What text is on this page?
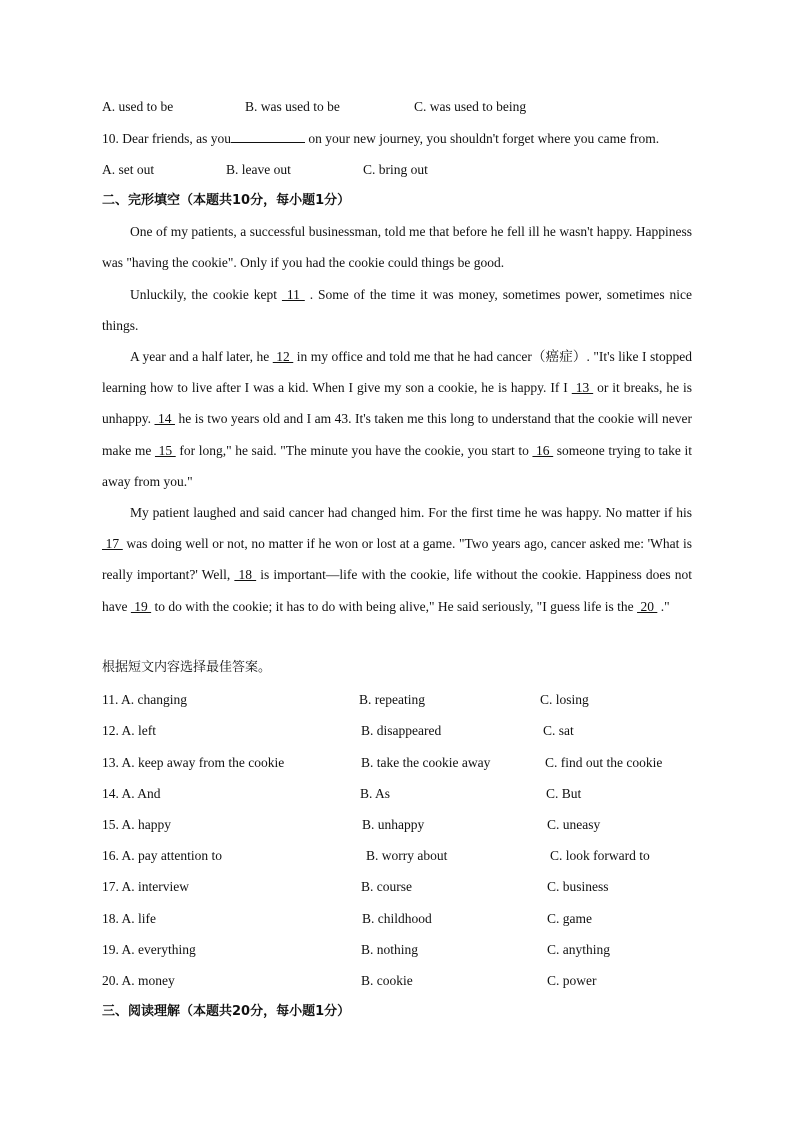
A. used to be	B. was used to be	C. was used to being
10. Dear friends, as you	on your new journey, you shouldn't forget where you came from.
A. set out	B. leave out	C. bring out
二、完形填空（本题共10分，每小题1分）
One of my patients, a successful businessman, told me that before he fell ill he wasn't happy. Happiness was "having the cookie". Only if you had the cookie could things be good.
Unluckily, the cookie kept  11  . Some of the time it was money, sometimes power, sometimes nice things.
A year and a half later, he  12  in my office and told me that he had cancer（癌症）. "It's like I stopped learning how to live after I was a kid. When I give my son a cookie, he is happy. If I  13  or it breaks, he is unhappy.  14  he is two years old and I am 43. It's taken me this long to understand that the cookie will never make me  15  for long," he said. "The minute you have the cookie, you start to  16  someone trying to take it away from you."
My patient laughed and said cancer had changed him. For the first time he was happy. No matter if his  17  was doing well or not, no matter if he won or lost at a game. "Two years ago, cancer asked me: 'What is really important?' Well,  18  is important—life with the cookie, life without the cookie. Happiness does not have  19  to do with the cookie; it has to do with being alive," He said seriously, "I guess life is the  20  ."
根据短文内容选择最佳答案。
11. A. changing	B. repeating	C. losing
12. A. left	B. disappeared	C. sat
13. A. keep away from the cookie	B. take the cookie away	C. find out the cookie
14. A. And	B. As	C. But
15. A. happy	B. unhappy	C. uneasy
16. A. pay attention to	B. worry about	C. look forward to
17. A. interview	B. course	C. business
18. A. life	B. childhood	C. game
19. A. everything	B. nothing	C. anything
20. A. money	B. cookie	C. power
三、阅读理解（本题共20分，每小题1分）
